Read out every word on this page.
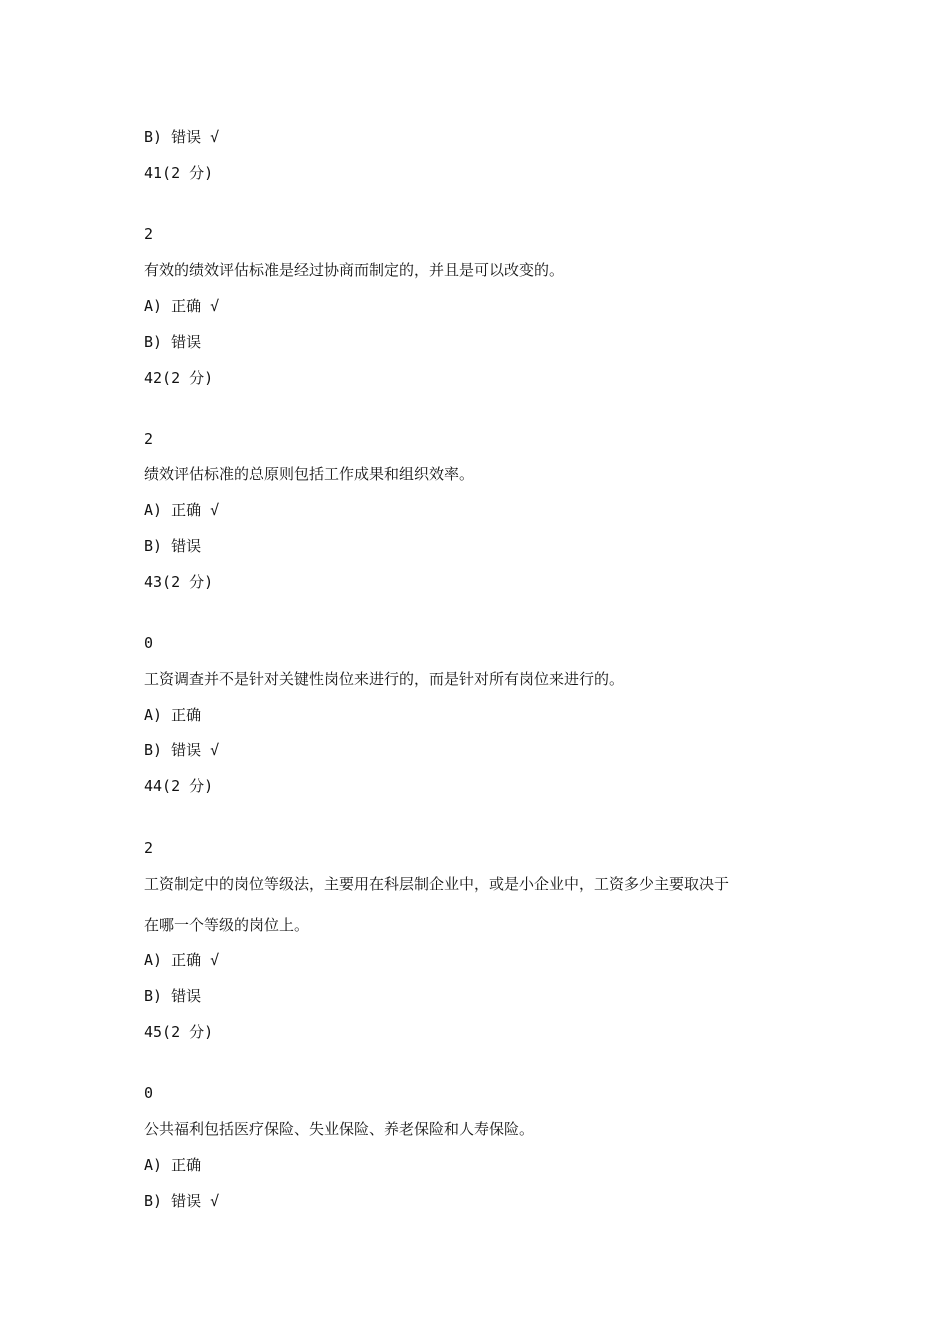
B) 错误 √

41(2 分)

2

有效的绩效评估标准是经过协商而制定的，并且是可以改变的。

A) 正确 √

B) 错误

42(2 分)

2

绩效评估标准的总原则包括工作成果和组织效率。

A) 正确 √

B) 错误

43(2 分)

0

工资调查并不是针对关键性岗位来进行的，而是针对所有岗位来进行的。

A) 正确

B) 错误 √

44(2 分)

2

工资制定中的岗位等级法，主要用在科层制企业中，或是小企业中，工资多少主要取决于

在哪一个等级的岗位上。

A) 正确 √

B) 错误

45(2 分)

0

公共福利包括医疗保险、失业保险、养老保险和人寿保险。

A) 正确

B) 错误 √
